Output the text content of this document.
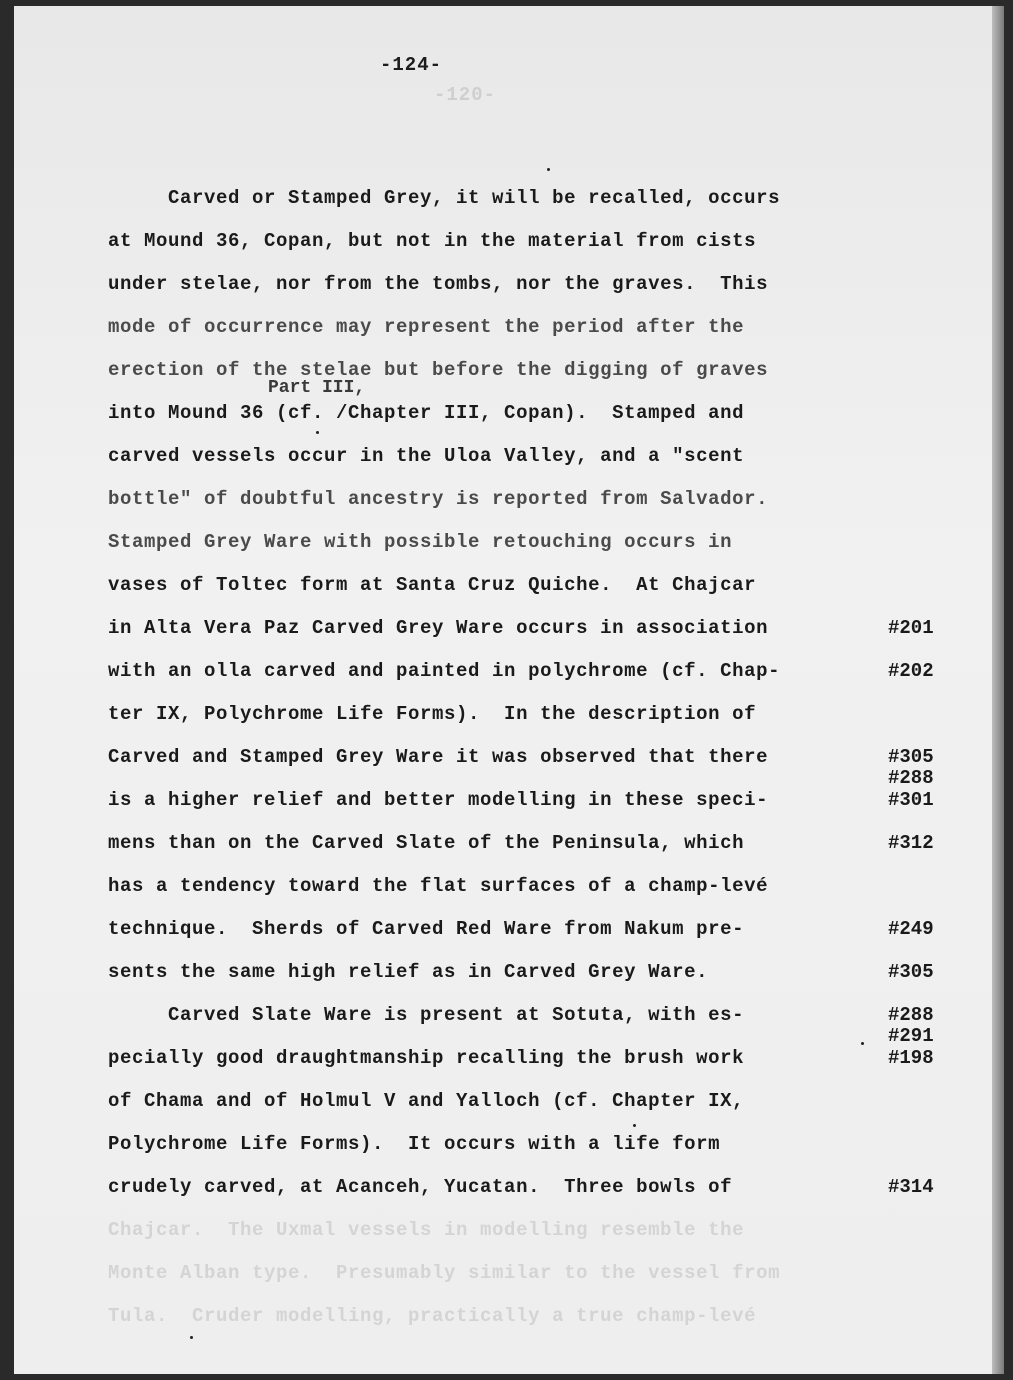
-120-
-124-
Carved or Stamped Grey, it will be recalled, occurs
at Mound 36, Copan, but not in the material from cists
under stelae, nor from the tombs, nor the graves.  This
mode of occurrence may represent the period after the
erection of the stelae but before the digging of graves
into Mound 36 (cf. /Chapter III, Copan).  Stamped and
carved vessels occur in the Uloa Valley, and a "scent
bottle" of doubtful ancestry is reported from Salvador.
Stamped Grey Ware with possible retouching occurs in
vases of Toltec form at Santa Cruz Quiche.  At Chajcar
in Alta Vera Paz Carved Grey Ware occurs in association
with an olla carved and painted in polychrome (cf. Chap-
ter IX, Polychrome Life Forms).  In the description of
Carved and Stamped Grey Ware it was observed that there
is a higher relief and better modelling in these speci-
mens than on the Carved Slate of the Peninsula, which
has a tendency toward the flat surfaces of a champ-levé
technique.  Sherds of Carved Red Ware from Nakum pre-
sents the same high relief as in Carved Grey Ware.
Carved Slate Ware is present at Sotuta, with es-
pecially good draughtmanship recalling the brush work
of Chama and of Holmul V and Yalloch (cf. Chapter IX,
Polychrome Life Forms).  It occurs with a life form
crudely carved, at Acanceh, Yucatan.  Three bowls of
Part III,
#201
#202
#305
#288
#301
#312
#249
#305
#288
#291
#198
#314
Chajcar.  The Uxmal vessels in modelling resemble the
Monte Alban type.  Presumably similar to the vessel from
Tula.  Cruder modelling, practically a true champ-levé
